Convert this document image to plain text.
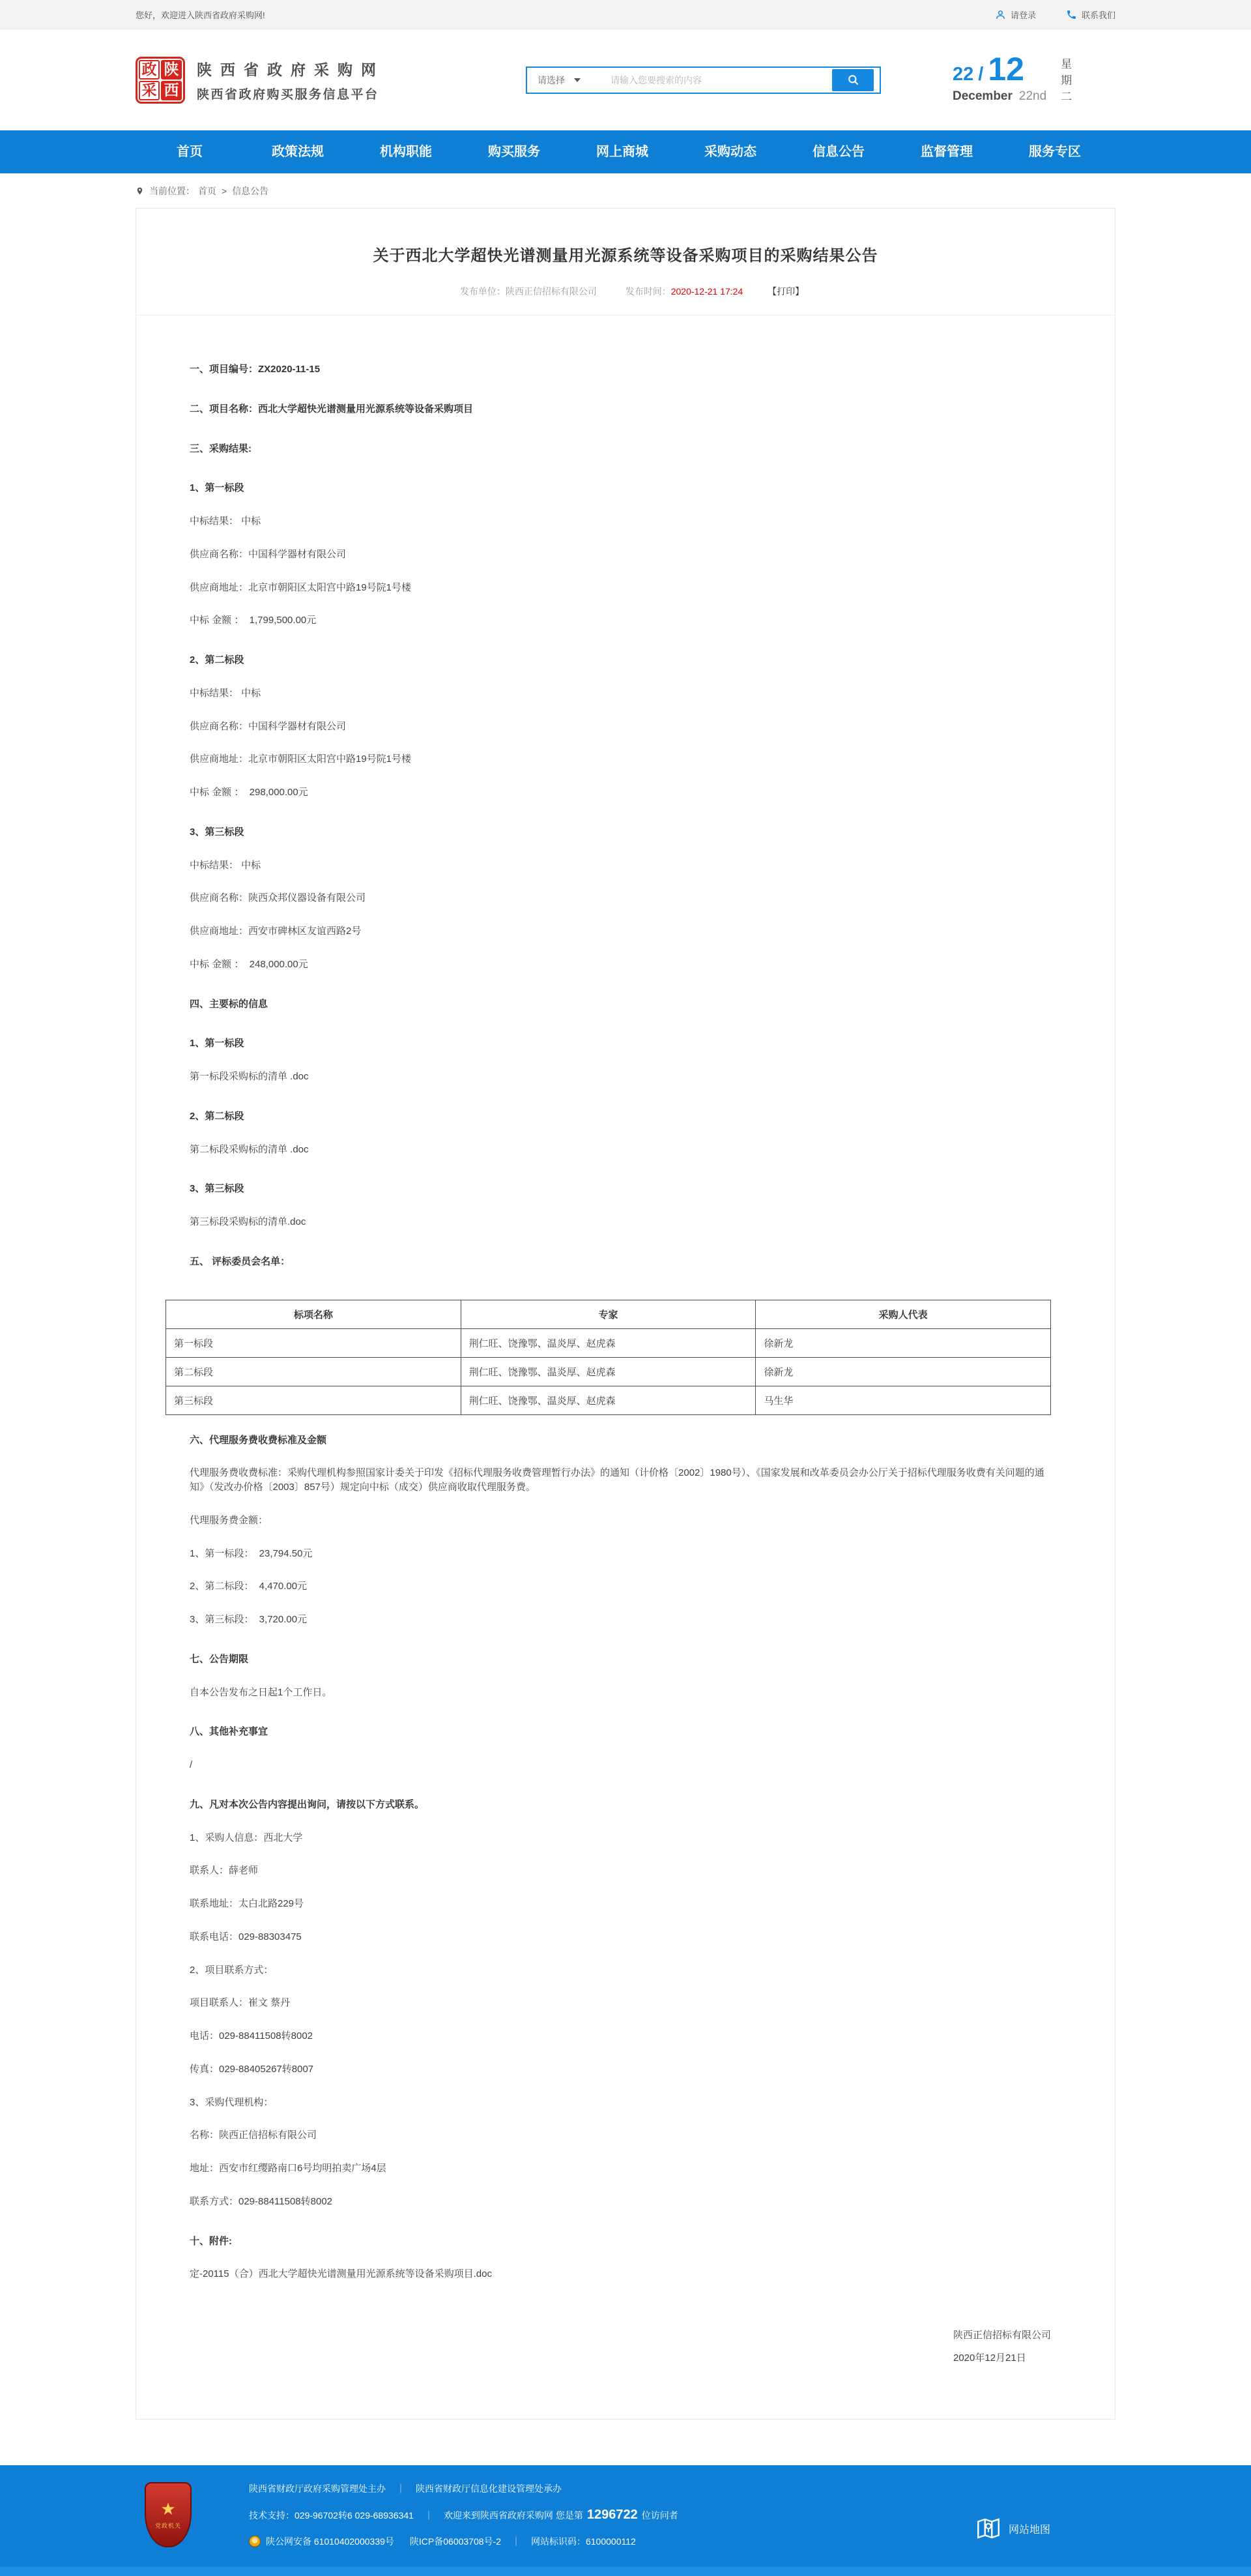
您好，欢迎进入陕西省政府采购网!	请登录	联系我们
政 陕
采 西
陕西省政府采购网
陕西省政府购买服务信息平台
请选择
请输入您要搜索的内容	22 / 12
December 22nd
星期二
首页	政策法规	机构职能	购买服务	网上商城	采购动态	信息公告	监督管理	服务专区
当前位置： 首页 > 信息公告
关于西北大学超快光谱测量用光源系统等设备采购项目的采购结果公告
发布单位：陕西正信招标有限公司	发布时间：2020-12-21 17:24	【打印】

一、项目编号：ZX2020-11-15

二、项目名称：西北大学超快光谱测量用光源系统等设备采购项目

三、采购结果:

1、第一标段

中标结果： 中标

供应商名称：中国科学器材有限公司

供应商地址：北京市朝阳区太阳宫中路19号院1号楼

中标 金额 ：  1,799,500.00元

2、第二标段

中标结果： 中标

供应商名称：中国科学器材有限公司

供应商地址：北京市朝阳区太阳宫中路19号院1号楼

中标 金额 ：  298,000.00元

3、第三标段

中标结果： 中标

供应商名称：陕西众邦仪器设备有限公司

供应商地址：西安市碑林区友谊西路2号

中标 金额 ：  248,000.00元

四、主要标的信息

1、第一标段

第一标段采购标的清单 .doc

2、第二标段

第二标段采购标的清单 .doc

3、第三标段

第三标段采购标的清单.doc

五、 评标委员会名单：

标项名称	专家	采购人代表
第一标段	荆仁旺、饶豫鄂、温炎厚、赵虎森	徐新龙
第二标段	荆仁旺、饶豫鄂、温炎厚、赵虎森	徐新龙
第三标段	荆仁旺、饶豫鄂、温炎厚、赵虎森	马生华

六、代理服务费收费标准及金额

代理服务费收费标准：采购代理机构参照国家计委关于印发《招标代理服务收费管理暂行办法》的通知（计价格〔2002〕1980号）、《国家发展和改革委员会办公厅关于招标代理服务收费有关问题的通知》（发改办价格〔2003〕857号）规定向中标（成交）供应商收取代理服务费。

代理服务费金额：

1、第一标段：  23,794.50元

2、第二标段：  4,470.00元

3、第三标段：  3,720.00元

七、公告期限

自本公告发布之日起1个工作日。

八、其他补充事宜

/

九、凡对本次公告内容提出询问，请按以下方式联系。

1、采购人信息：西北大学

联系人：薛老师

联系地址：太白北路229号

联系电话：029-88303475

2、项目联系方式：

项目联系人：崔文 蔡丹

电话：029-88411508转8002

传真：029-88405267转8007

3、采购代理机构：

名称：陕西正信招标有限公司

地址：西安市红缨路南口6号均明拍卖广场4层

联系方式：029-88411508转8002

十、附件:

定-20115（合）西北大学超快光谱测量用光源系统等设备采购项目.doc

陕西正信招标有限公司

2020年12月21日

★
党政机关

陕西省财政厅政府采购管理处主办 ｜ 陕西省财政厅信息化建设管理处承办

技术支持：029-96702转6 029-68936341 ｜ 欢迎来到陕西省政府采购网 您是第 1296722 位访问者

陕公网安备 61010402000339号 陕ICP备06003708号-2 ｜ 网站标识码：6100000112

网站地图
